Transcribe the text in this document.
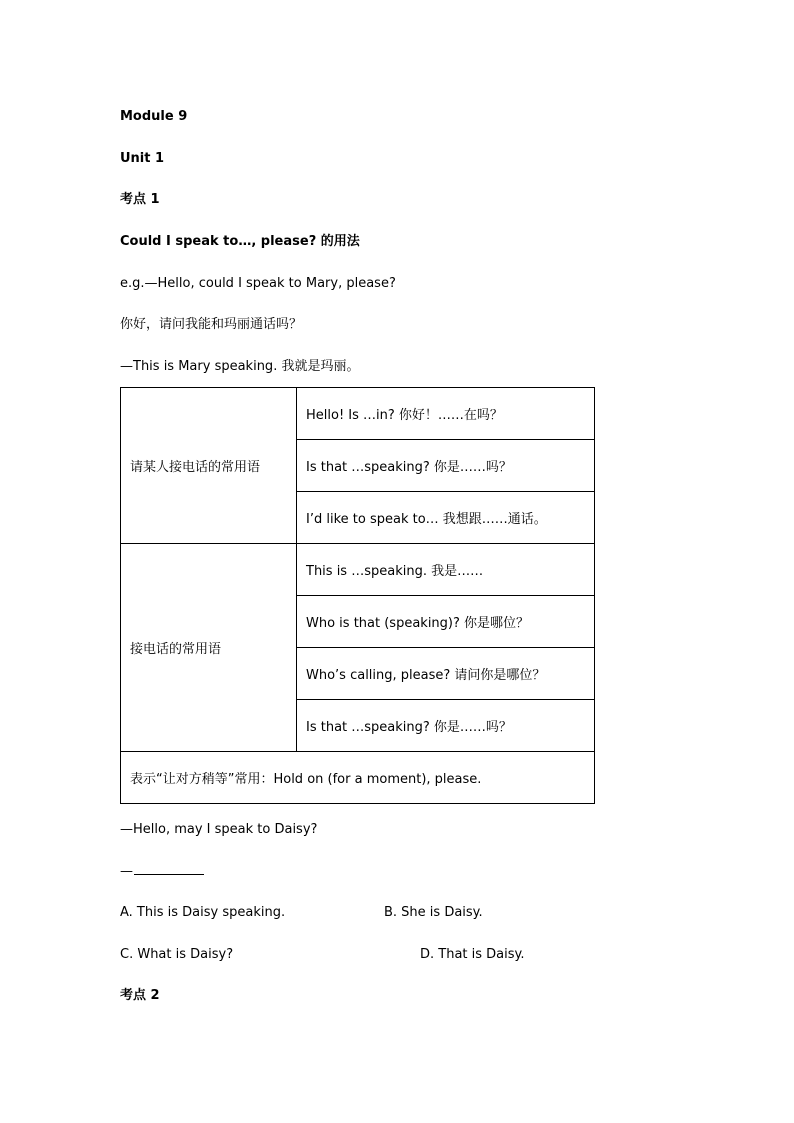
Module 9
Unit 1
考点 1
Could I speak to…, please? 的用法
e.g.—Hello, could I speak to Mary, please?
你好，请问我能和玛丽通话吗？
—This is Mary speaking. 我就是玛丽。
请某人接电话的常用语	Hello! Is …in? 你好！……在吗？
	Is that …speaking? 你是……吗？
	I’d like to speak to… 我想跟……通话。
接电话的常用语	This is …speaking. 我是……
	Who is that (speaking)? 你是哪位？
	Who’s calling, please? 请问你是哪位？
	Is that …speaking? 你是……吗？
表示“让对方稍等”常用：Hold on (for a moment), please.	
—Hello, may I speak to Daisy?
—
A. This is Daisy speaking.	B. She is Daisy.
C. What is Daisy?	D. That is Daisy.
考点 2
